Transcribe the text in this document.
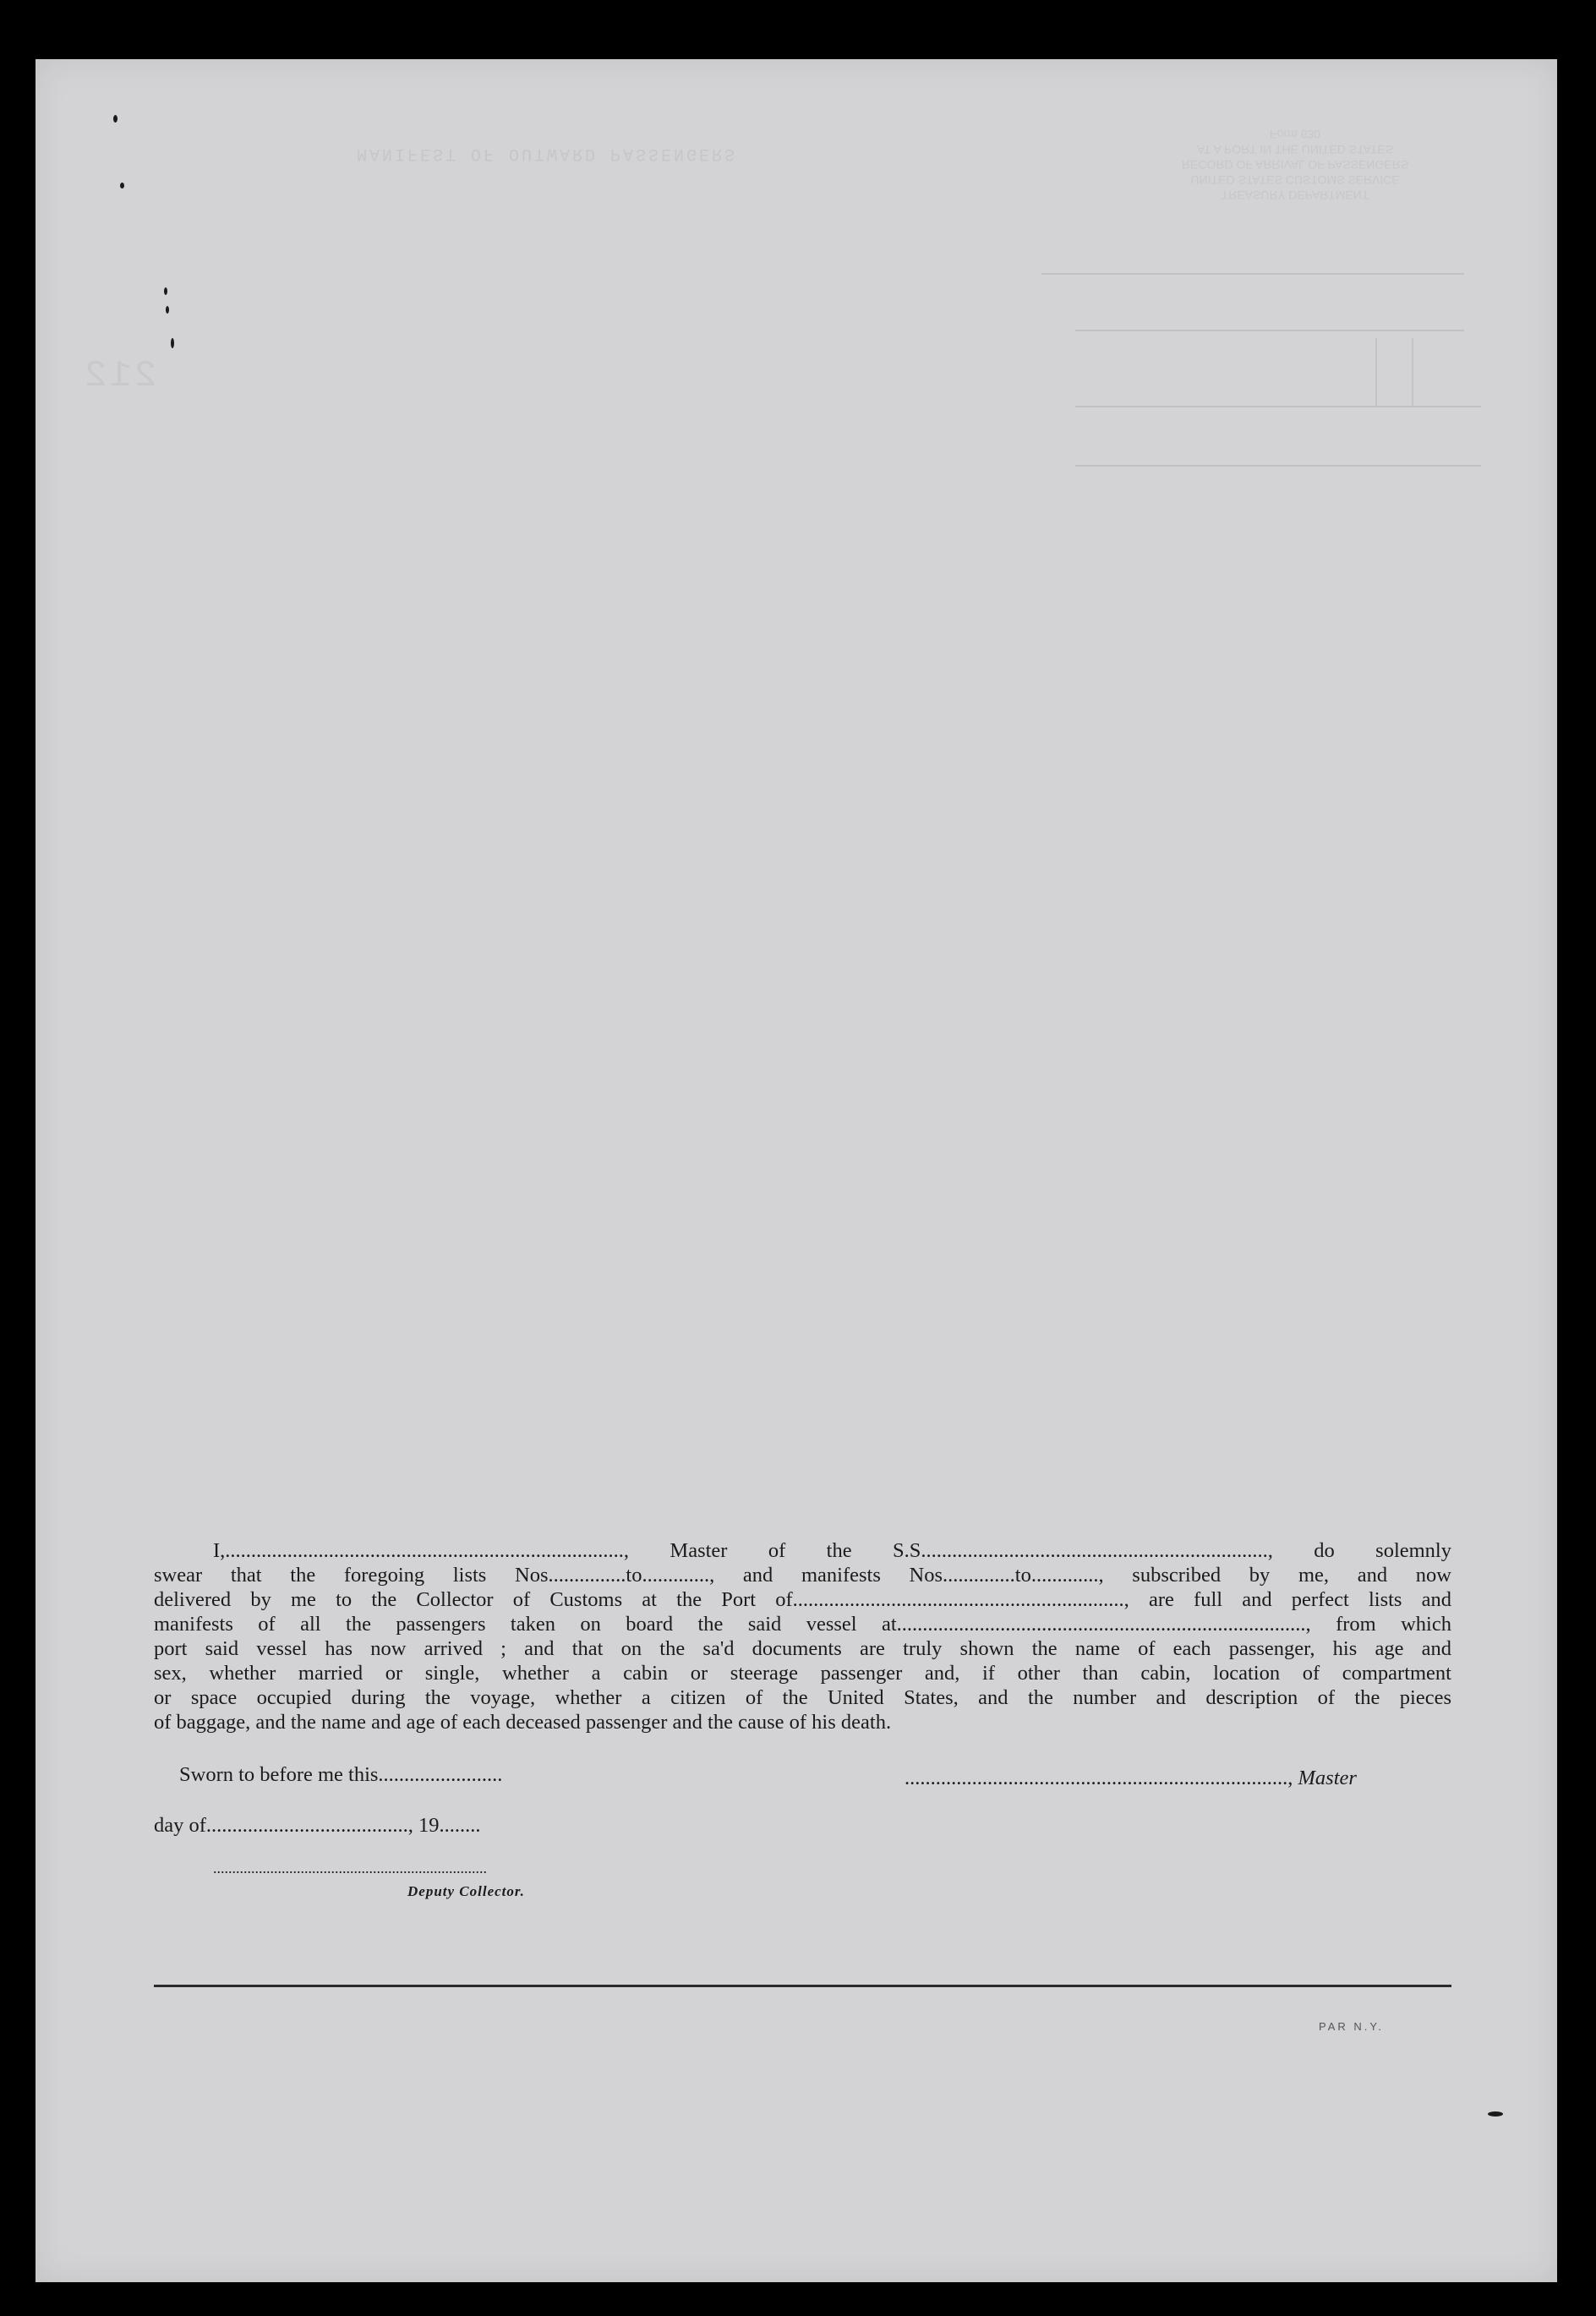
MANIFEST OF OUTWARD PASSENGERS
TREASURY DEPARTMENT
UNITED STATES CUSTOMS SERVICE
RECORD OF ARRIVAL OF PASSENGERS
AT A PORT IN THE UNITED STATES
Form 630
212
I,............................................................................., Master of the S.S..................................................................., do solemnly
swear that the foregoing lists Nos...............to............., and manifests Nos..............to............., subscribed by me, and now
delivered by me to the Collector of Customs at the Port of................................................................, are full and perfect lists and
manifests of all the passengers taken on board the said vessel at..............................................................................., from which
port said vessel has now arrived ; and that on the sa'd documents are truly shown the name of each passenger, his age and
sex, whether married or single, whether a cabin or steerage passenger and, if other than cabin, location of compartment
or space occupied during the voyage, whether a citizen of the United States, and the number and description of the pieces
of baggage, and the name and age of each deceased passenger and the cause of his death.
Sworn to before me this........................	.........................................................................., Master
day of......................................., 19........
........................................................................
Deputy Collector.
PAR N.Y.
